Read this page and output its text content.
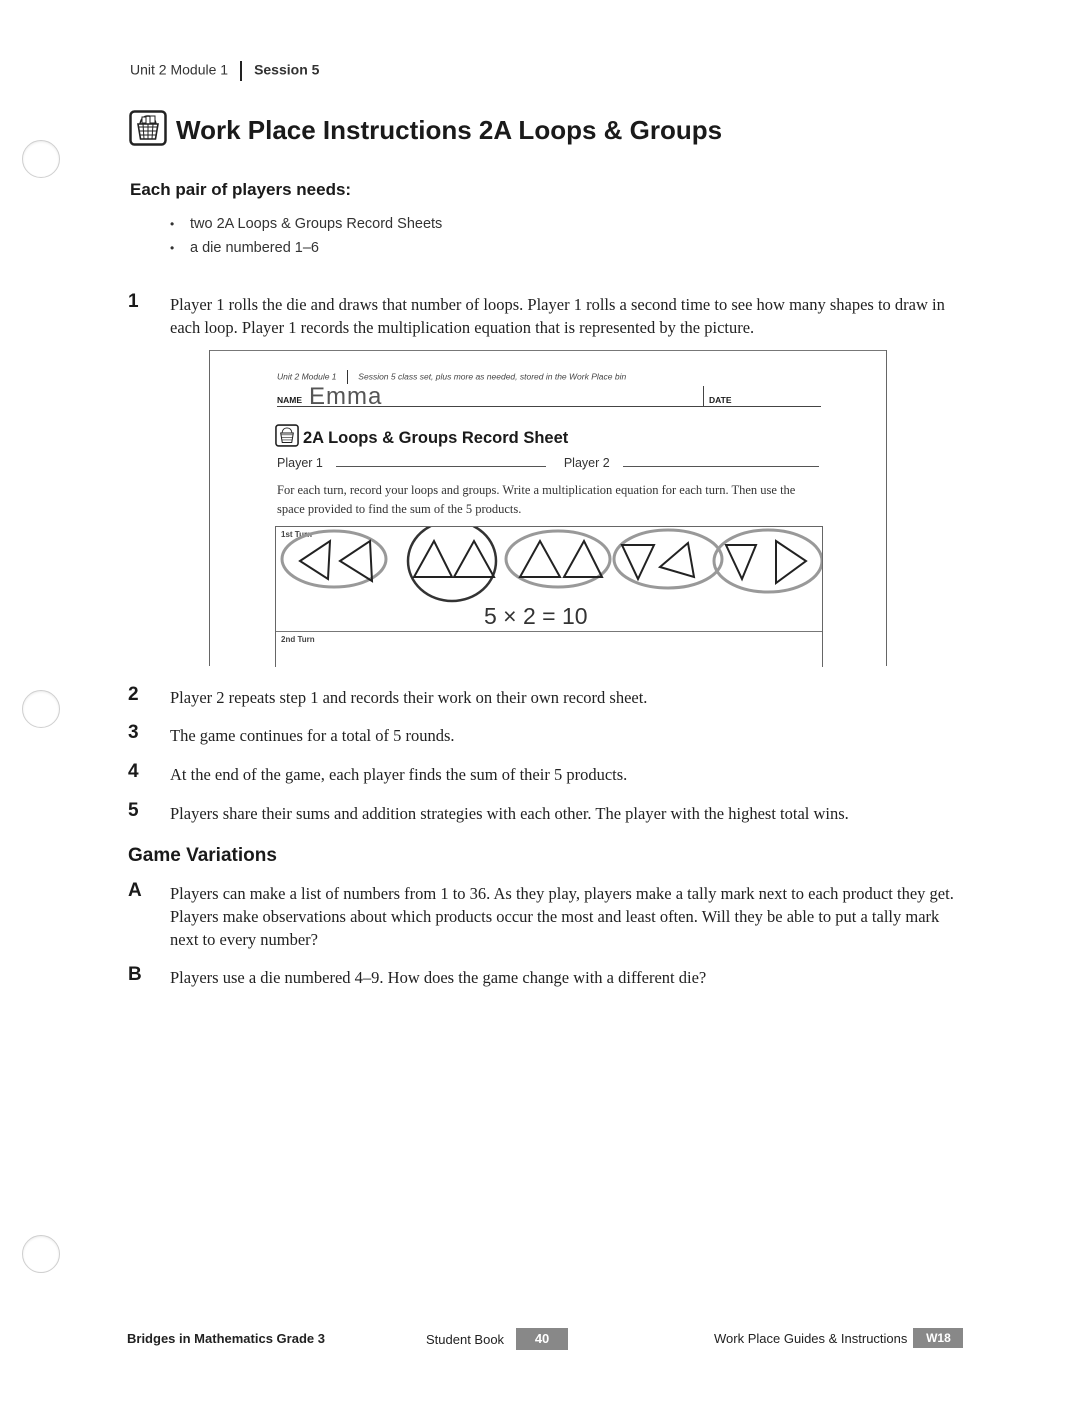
Unit 2 Module 1 Session 5
Work Place Instructions 2A Loops & Groups
Each pair of players needs:
• two 2A Loops & Groups Record Sheets
• a die numbered 1–6
1 Player 1 rolls the die and draws that number of loops. Player 1 rolls a second time to see how many shapes to draw in each loop. Player 1 records the multiplication equation that is represented by the picture.
Unit 2 Module 1	Session 5 class set, plus more as needed, stored in the Work Place bin
NAME Emma	DATE
2A Loops & Groups Record Sheet
Player 1	Player 2
For each turn, record your loops and groups. Write a multiplication equation for each turn. Then use the space provided to find the sum of the 5 products.
1st Turn
2nd Turn
5 × 2 = 10
2 Player 2 repeats step 1 and records their work on their own record sheet.
3 The game continues for a total of 5 rounds.
4 At the end of the game, each player finds the sum of their 5 products.
5 Players share their sums and addition strategies with each other. The player with the highest total wins.
Game Variations
A Players can make a list of numbers from 1 to 36. As they play, players make a tally mark next to each product they get. Players make observations about which products occur the most and least often. Will they be able to put a tally mark next to every number?
B Players use a die numbered 4–9. How does the game change with a different die?
Bridges in Mathematics Grade 3	Student Book	40	Work Place Guides & Instructions	W18
